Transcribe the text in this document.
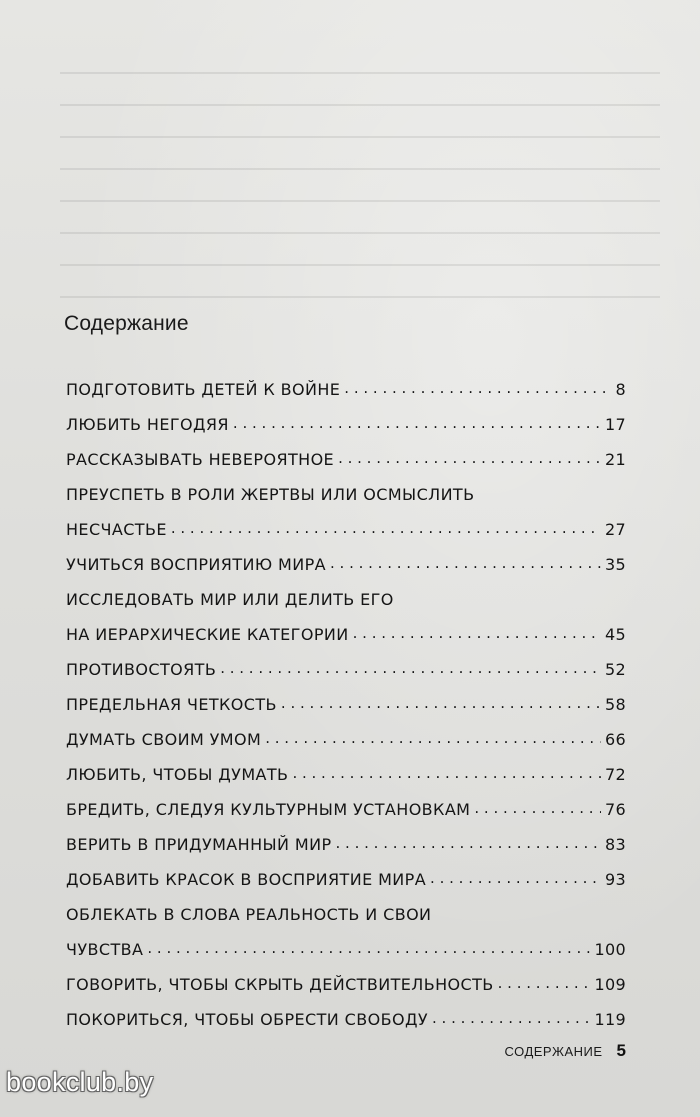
Содержание
ПОДГОТОВИТЬ ДЕТЕЙ К ВОЙНЕ . . .	8
ЛЮБИТЬ НЕГОДЯЯ . . .	17
РАССКАЗЫВАТЬ НЕВЕРОЯТНОЕ . . .	21
ПРЕУСПЕТЬ В РОЛИ ЖЕРТВЫ ИЛИ ОСМЫСЛИТЬ
НЕСЧАСТЬЕ . . .	27
УЧИТЬСЯ ВОСПРИЯТИЮ МИРА . . .	35
ИССЛЕДОВАТЬ МИР ИЛИ ДЕЛИТЬ ЕГО
НА ИЕРАРХИЧЕСКИЕ КАТЕГОРИИ . . .	45
ПРОТИВОСТОЯТЬ . . .	52
ПРЕДЕЛЬНАЯ ЧЕТКОСТЬ . . .	58
ДУМАТЬ СВОИМ УМОМ . . .	66
ЛЮБИТЬ, ЧТОБЫ ДУМАТЬ . . .	72
БРЕДИТЬ, СЛЕДУЯ КУЛЬТУРНЫМ УСТАНОВКАМ . . .	76
ВЕРИТЬ В ПРИДУМАННЫЙ МИР . . .	83
ДОБАВИТЬ КРАСОК В ВОСПРИЯТИЕ МИРА . . .	93
ОБЛЕКАТЬ В СЛОВА РЕАЛЬНОСТЬ И СВОИ
ЧУВСТВА . . .	100
ГОВОРИТЬ, ЧТОБЫ СКРЫТЬ ДЕЙСТВИТЕЛЬНОСТЬ . . .	109
ПОКОРИТЬСЯ, ЧТОБЫ ОБРЕСТИ СВОБОДУ . . .	119
СОДЕРЖАНИЕ 5
bookclub.by
